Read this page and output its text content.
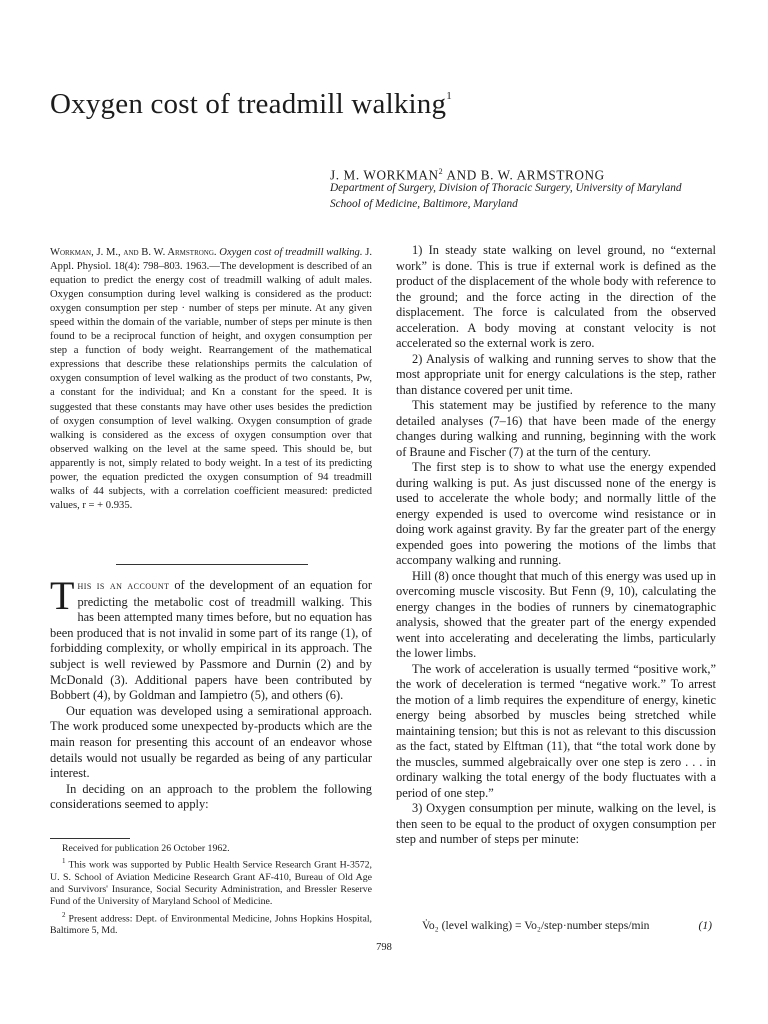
Oxygen cost of treadmill walking$^1$
J. M. WORKMAN$^2$ AND B. W. ARMSTRONG
Department of Surgery, Division of Thoracic Surgery, University of Maryland
School of Medicine, Baltimore, Maryland
Workman, J. M., and B. W. Armstrong. Oxygen cost of treadmill walking. J. Appl. Physiol. 18(4): 798–803. 1963.—The development is described of an equation to predict the energy cost of treadmill walking of adult males. Oxygen consumption during level walking is considered as the product: oxygen consumption per step · number of steps per minute. At any given speed within the domain of the variable, number of steps per minute is then found to be a reciprocal function of height, and oxygen consumption per step a function of body weight. Rearrangement of the mathematical expressions that describe these relationships permits the calculation of oxygen consumption of level walking as the product of two constants, Pw, a constant for the individual; and Kn a constant for the speed. It is suggested that these constants may have other uses besides the prediction of oxygen consumption of level walking. Oxygen consumption of grade walking is considered as the excess of oxygen consumption over that observed walking on the level at the same speed. This should be, but apparently is not, simply related to body weight. In a test of its predicting power, the equation predicted the oxygen consumption of 94 treadmill walks of 44 subjects, with a correlation coefficient measured: predicted values, r = + 0.935.

This is an account of the development of an equation for predicting the metabolic cost of treadmill walking. This has been attempted many times before, but no equation has been produced that is not invalid in some part of its range (1), of forbidding complexity, or wholly empirical in its approach. The subject is well reviewed by Passmore and Durnin (2) and by McDonald (3). Additional papers have been contributed by Bobbert (4), by Goldman and Iampietro (5), and others (6).

Our equation was developed using a semirational approach. The work produced some unexpected by-products which are the main reason for presenting this account of an endeavor whose details would not usually be regarded as being of any particular interest.

In deciding on an approach to the problem the following considerations seemed to apply:

Received for publication 26 October 1962.

$^1$ This work was supported by Public Health Service Research Grant H-3572, U. S. School of Aviation Medicine Research Grant AF-410, Bureau of Old Age and Survivors' Insurance, Social Security Administration, and Bressler Reserve Fund of the University of Maryland School of Medicine.

$^2$ Present address: Dept. of Environmental Medicine, Johns Hopkins Hospital, Baltimore 5, Md.

1) In steady state walking on level ground, no “external work” is done. This is true if external work is defined as the product of the displacement of the whole body with reference to the ground; and the force acting in the direction of the displacement. The force is calculated from the observed acceleration. A body moving at constant velocity is not accelerated so the external work is zero.

2) Analysis of walking and running serves to show that the most appropriate unit for energy calculations is the step, rather than distance covered per unit time.

This statement may be justified by reference to the many detailed analyses (7–16) that have been made of the energy changes during walking and running, beginning with the work of Braune and Fischer (7) at the turn of the century.

The first step is to show to what use the energy expended during walking is put. As just discussed none of the energy is used to accelerate the whole body; and normally little of the energy expended is used to overcome wind resistance or in doing work against gravity. By far the greater part of the energy expended goes into powering the motions of the limbs that accompany walking and running.

Hill (8) once thought that much of this energy was used up in overcoming muscle viscosity. But Fenn (9, 10), calculating the energy changes in the bodies of runners by cinematographic analysis, showed that the greater part of the energy expended went into accelerating and decelerating the limbs, particularly the lower limbs.

The work of acceleration is usually termed “positive work,” the work of deceleration is termed “negative work.” To arrest the motion of a limb requires the expenditure of energy, kinetic energy being absorbed by muscles being stretched while maintaining tension; but this is not as relevant to this discussion as the fact, stated by Elftman (11), that “the total work done by the muscles, summed algebraically over one step is zero . . . in ordinary walking the total energy of the body fluctuates with a period of one step.”

3) Oxygen consumption per minute, walking on the level, is then seen to be equal to the product of oxygen consumption per step and number of steps per minute:

V̇o₂ (level walking) = Vo₂/step·number steps/min	(1)
798
